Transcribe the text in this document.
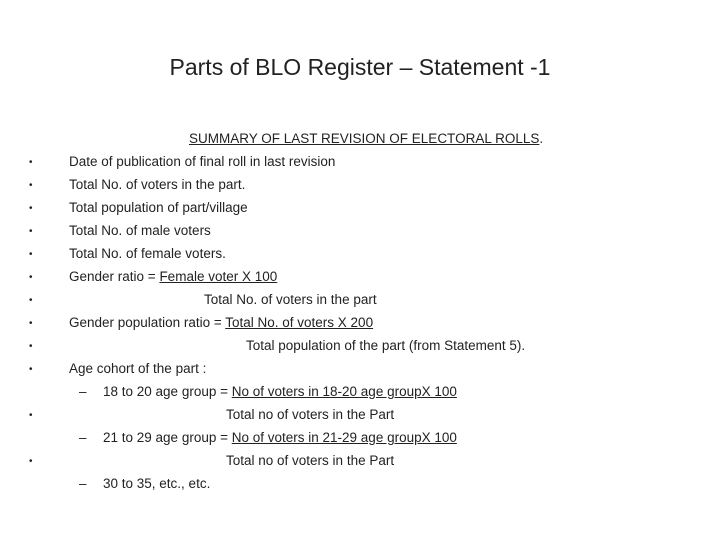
Parts of BLO Register – Statement -1
SUMMARY OF LAST REVISION OF ELECTORAL ROLLS.
•
•
•
•
•
•
•
•
•
•
•
•
Date of publication of final roll in last revision
Total No. of voters in the part.
Total population of part/village
Total No. of male voters
Total No. of female voters.
Gender ratio = Female voter X 100
Total No. of voters in the part
Gender population ratio = Total No. of voters X 200
Total population of the part (from Statement 5).
Age cohort of the part :
– 18 to 20 age group = No of voters in 18-20 age groupX 100
Total no of voters in the Part
– 21 to 29 age group = No of voters in 21-29 age groupX 100
Total no of voters in the Part
– 30 to 35, etc., etc.
